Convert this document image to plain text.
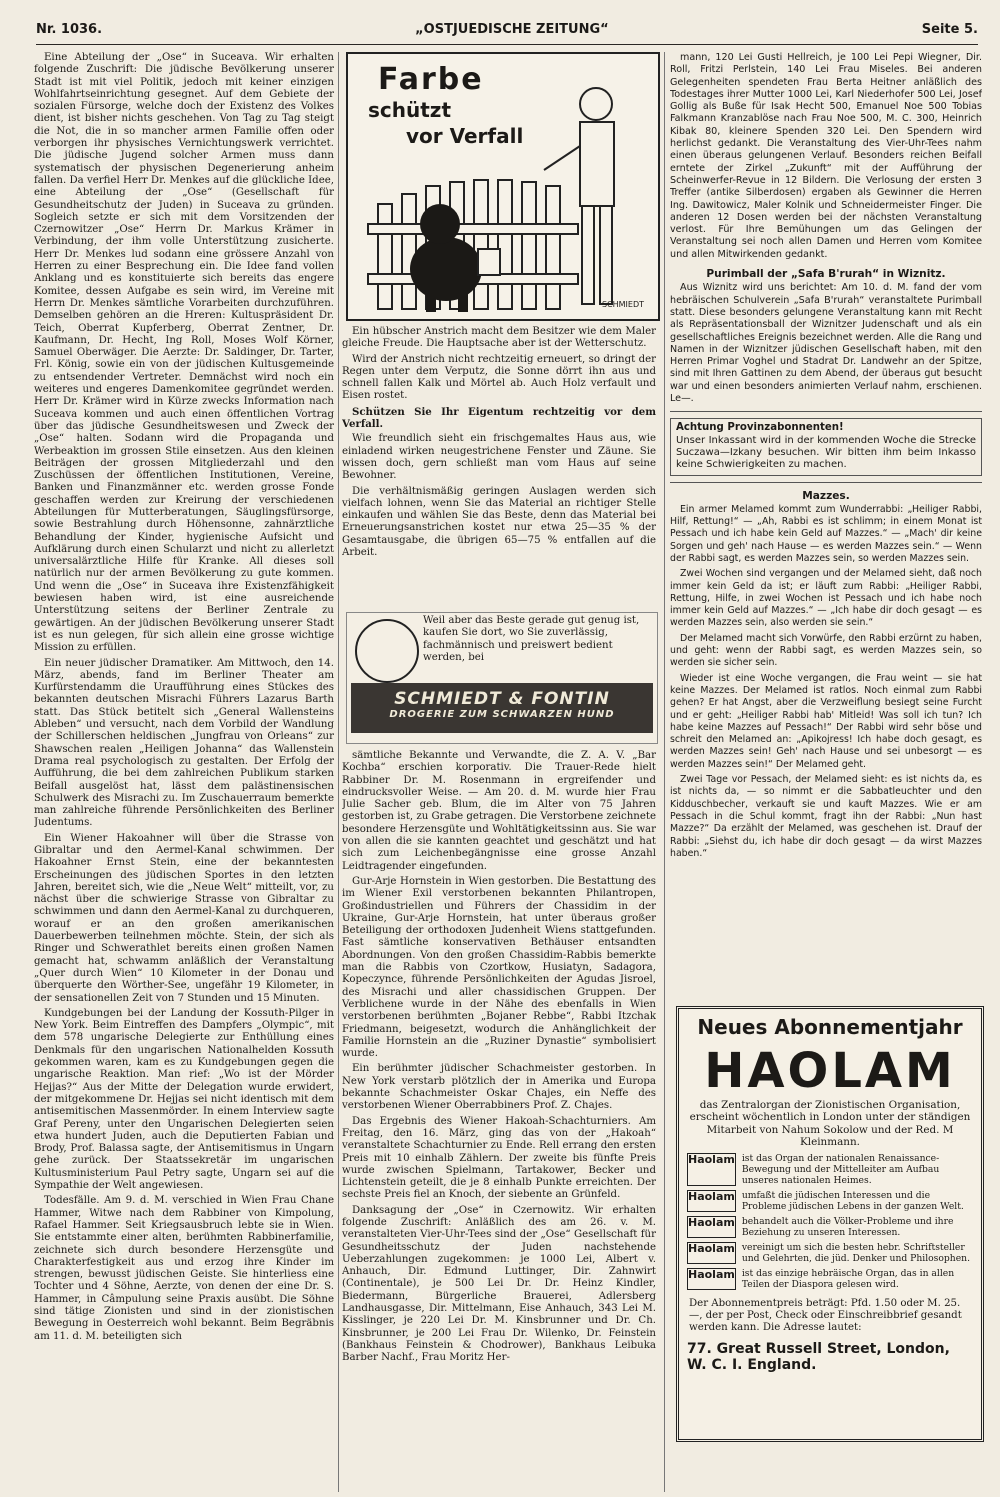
Nr. 1036.	„OSTJUEDISCHE ZEITUNG“	Seite 5.

Eine Abteilung der „Ose“ in Suceava. Wir erhalten folgende Zuschrift: Die jüdische Bevölkerung unserer Stadt ist mit viel Politik, jedoch mit keiner einzigen Wohlfahrtseinrichtung gesegnet. Auf dem Gebiete der sozialen Fürsorge, welche doch der Existenz des Volkes dient, ist bisher nichts geschehen. Von Tag zu Tag steigt die Not, die in so mancher armen Familie offen oder verborgen ihr physisches Vernichtungswerk verrichtet. Die jüdische Jugend solcher Armen muss dann systematisch der physischen Degenerierung anheim fallen. Da verfiel Herr Dr. Menkes auf die glückliche Idee, eine Abteilung der „Ose“ (Gesellschaft für Gesundheitschutz der Juden) in Suceava zu gründen. Sogleich setzte er sich mit dem Vorsitzenden der Czernowitzer „Ose“ Herrn Dr. Markus Krämer in Verbindung, der ihm volle Unterstützung zusicherte. Herr Dr. Menkes lud sodann eine grössere Anzahl von Herren zu einer Besprechung ein. Die Idee fand vollen Anklang und es konstituierte sich bereits das engere Komitee, dessen Aufgabe es sein wird, im Vereine mit Herrn Dr. Menkes sämtliche Vorarbeiten durchzuführen. Demselben gehören an die Hreren: Kultuspräsident Dr. Teich, Oberrat Kupferberg, Oberrat Zentner, Dr. Kaufmann, Dr. Hecht, Ing Roll, Moses Wolf Körner, Samuel Oberwäger. Die Aerzte: Dr. Saldinger, Dr. Tarter, Frl. König, sowie ein von der jüdischen Kultusgemeinde zu entsendender Vertreter. Demnächst wird noch ein weiteres und engeres Damenkomitee gegründet werden. Herr Dr. Krämer wird in Kürze zwecks Information nach Suceava kommen und auch einen öffentlichen Vortrag über das jüdische Gesundheitswesen und Zweck der „Ose“ halten. Sodann wird die Propaganda und Werbeaktion im grossen Stile einsetzen. Aus den kleinen Beiträgen der grossen Mitgliederzahl und den Zuschüssen der öffentlichen Institutionen, Vereine, Banken und Finanzmänner etc. werden grosse Fonde geschaffen werden zur Kreirung der verschiedenen Abteilungen für Mutterberatungen, Säuglingsfürsorge, sowie Bestrahlung durch Höhensonne, zahnärztliche Behandlung der Kinder, hygienische Aufsicht und Aufklärung durch einen Schularzt und nicht zu allerletzt universalärztliche Hilfe für Kranke. All dieses soll natürlich nur der armen Bevölkerung zu gute kommen. Und wenn die „Ose“ in Suceava ihre Existenzfähigkeit bewiesen haben wird, ist eine ausreichende Unterstützung seitens der Berliner Zentrale zu gewärtigen. An der jüdischen Bevölkerung unserer Stadt ist es nun gelegen, für sich allein eine grosse wichtige Mission zu erfüllen.

Ein neuer jüdischer Dramatiker. Am Mittwoch, den 14. März, abends, fand im Berliner Theater am Kurfürstendamm die Uraufführung eines Stückes des bekannten deutschen Misrachi Führers Lazarus Barth statt. Das Stück betitelt sich „General Wallensteins Ableben“ und versucht, nach dem Vorbild der Wandlung der Schillerschen heldischen „Jungfrau von Orleans“ zur Shawschen realen „Heiligen Johanna“ das Wallenstein Drama real psychologisch zu gestalten. Der Erfolg der Aufführung, die bei dem zahlreichen Publikum starken Beifall ausgelöst hat, lässt dem palästinensischen Schulwerk des Misrachi zu. Im Zuschauerraum bemerkte man zahlreiche führende Persönlichkeiten des Berliner Judentums.

Ein Wiener Hakoahner will über die Strasse von Gibraltar und den Aermel-Kanal schwimmen. Der Hakoahner Ernst Stein, eine der bekanntesten Erscheinungen des jüdischen Sportes in den letzten Jahren, bereitet sich, wie die „Neue Welt“ mitteilt, vor, zu nächst über die schwierige Strasse von Gibraltar zu schwimmen und dann den Aermel-Kanal zu durchqueren, worauf er an den großen amerikanischen Dauerbewerben teilnehmen möchte. Stein, der sich als Ringer und Schwerathlet bereits einen großen Namen gemacht hat, schwamm anläßlich der Veranstaltung „Quer durch Wien“ 10 Kilometer in der Donau und überquerte den Wörther-See, ungefähr 19 Kilometer, in der sensationellen Zeit von 7 Stunden und 15 Minuten.

Kundgebungen bei der Landung der Kossuth-Pilger in New York. Beim Eintreffen des Dampfers „Olympic“, mit dem 578 ungarische Delegierte zur Enthüllung eines Denkmals für den ungarischen Nationalhelden Kossuth gekommen waren, kam es zu Kundgebungen gegen die ungarische Reaktion. Man rief: „Wo ist der Mörder Hejjas?“ Aus der Mitte der Delegation wurde erwidert, der mitgekommene Dr. Hejjas sei nicht identisch mit dem antisemitischen Massenmörder. In einem Interview sagte Graf Pereny, unter den Ungarischen Delegierten seien etwa hundert Juden, auch die Deputierten Fabian und Brody, Prof. Balassa sagte, der Antisemitismus in Ungarn gehe zurück. Der Staatssekretär im ungarischen Kultusministerium Paul Petry sagte, Ungarn sei auf die Sympathie der Welt angewiesen.

Todesfälle. Am 9. d. M. verschied in Wien Frau Chane Hammer, Witwe nach dem Rabbiner von Kimpolung, Rafael Hammer. Seit Kriegsausbruch lebte sie in Wien. Sie entstammte einer alten, berühmten Rabbinerfamilie, zeichnete sich durch besondere Herzensgüte und Charakterfestigkeit aus und erzog ihre Kinder im strengen, bewusst jüdischen Geiste. Sie hinterliess eine Tochter und 4 Söhne, Aerzte, von denen der eine Dr. S. Hammer, in Câmpulung seine Praxis ausübt. Die Söhne sind tätige Zionisten und sind in der zionistischen Bewegung in Oesterreich wohl bekannt. Beim Begräbnis am 11. d. M. beteiligten sich

Farbe
schützt
vor Verfall
SCHMIEDT

Ein hübscher Anstrich macht dem Besitzer wie dem Maler gleiche Freude. Die Hauptsache aber ist der Wetterschutz.

Wird der Anstrich nicht rechtzeitig erneuert, so dringt der Regen unter dem Verputz, die Sonne dörrt ihn aus und schnell fallen Kalk und Mörtel ab. Auch Holz verfault und Eisen rostet.

Schützen Sie Ihr Eigentum rechtzeitig vor dem Verfall.

Wie freundlich sieht ein frischgemaltes Haus aus, wie einladend wirken neugestrichene Fenster und Zäune. Sie wissen doch, gern schließt man vom Haus auf seine Bewohner.

Die verhältnismäßig geringen Auslagen werden sich vielfach lohnen, wenn Sie das Material an richtiger Stelle einkaufen und wählen Sie das Beste, denn das Material bei Erneuerungsanstrichen kostet nur etwa 25—35 % der Gesamtausgabe, die übrigen 65—75 % entfallen auf die Arbeit.

Weil aber das Beste gerade gut genug ist, kaufen Sie dort, wo Sie zuverlässig, fachmännisch und preiswert bedient werden, bei
SCHMIEDT & FONTIN
DROGERIE ZUM SCHWARZEN HUND

sämtliche Bekannte und Verwandte, die Z. A. V. „Bar Kochba“ erschien korporativ. Die Trauer-Rede hielt Rabbiner Dr. M. Rosenmann in ergreifender und eindrucksvoller Weise. — Am 20. d. M. wurde hier Frau Julie Sacher geb. Blum, die im Alter von 75 Jahren gestorben ist, zu Grabe getragen. Die Verstorbene zeichnete besondere Herzensgüte und Wohltätigkeitssinn aus. Sie war von allen die sie kannten geachtet und geschätzt und hat sich zum Leichenbegängnisse eine grosse Anzahl Leidtragender eingefunden.

Gur-Arje Hornstein in Wien gestorben. Die Bestattung des im Wiener Exil verstorbenen bekannten Philantropen, Großindustriellen und Führers der Chassidim in der Ukraine, Gur-Arje Hornstein, hat unter überaus großer Beteiligung der orthodoxen Judenheit Wiens stattgefunden. Fast sämtliche konservativen Bethäuser entsandten Abordnungen. Von den großen Chassidim-Rabbis bemerkte man die Rabbis von Czortkow, Husiatyn, Sadagora, Kopeczynce, führende Persönlichkeiten der Agudas Jisroel, des Misrachi und aller chassidischen Gruppen. Der Verblichene wurde in der Nähe des ebenfalls in Wien verstorbenen berühmten „Bojaner Rebbe“, Rabbi Itzchak Friedmann, beigesetzt, wodurch die Anhänglichkeit der Familie Hornstein an die „Ruziner Dynastie“ symbolisiert wurde.

Ein berühmter jüdischer Schachmeister gestorben. In New York verstarb plötzlich der in Amerika und Europa bekannte Schachmeister Oskar Chajes, ein Neffe des verstorbenen Wiener Oberrabbiners Prof. Z. Chajes.

Das Ergebnis des Wiener Hakoah-Schachturniers. Am Freitag, den 16. März, ging das von der „Hakoah“ veranstaltete Schachturnier zu Ende. Rell errang den ersten Preis mit 10 einhalb Zählern. Der zweite bis fünfte Preis wurde zwischen Spielmann, Tartakower, Becker und Lichtenstein geteilt, die je 8 einhalb Punkte erreichten. Der sechste Preis fiel an Knoch, der siebente an Grünfeld.

Danksagung der „Ose“ in Czernowitz. Wir erhalten folgende Zuschrift: Anläßlich des am 26. v. M. veranstalteten Vier-Uhr-Tees sind der „Ose“ Gesellschaft für Gesundheitsschutz der Juden nachstehende Ueberzahlungen zugekommen: je 1000 Lei, Albert v. Anhauch, Dir. Edmund Luttinger, Dir. Zahnwirt (Continentale), je 500 Lei Dr. Dr. Heinz Kindler, Biedermann, Bürgerliche Brauerei, Adlersberg Landhausgasse, Dir. Mittelmann, Eise Anhauch, 343 Lei M. Kisslinger, je 220 Lei Dr. M. Kinsbrunner und Dr. Ch. Kinsbrunner, je 200 Lei Frau Dr. Wilenko, Dr. Feinstein (Bankhaus Feinstein & Chodrower), Bankhaus Leibuka Barber Nachf., Frau Moritz Her-

mann, 120 Lei Gusti Hellreich, je 100 Lei Pepi Wiegner, Dir. Roll, Fritzi Perlstein, 140 Lei Frau Miseles. Bei anderen Gelegenheiten spendeten Frau Berta Heitner anläßlich des Todestages ihrer Mutter 1000 Lei, Karl Niederhofer 500 Lei, Josef Gollig als Buße für Isak Hecht 500, Emanuel Noe 500 Tobias Falkmann Kranzablöse nach Frau Noe 500, M. C. 300, Heinrich Kibak 80, kleinere Spenden 320 Lei. Den Spendern wird herlichst gedankt. Die Veranstaltung des Vier-Uhr-Tees nahm einen überaus gelungenen Verlauf. Besonders reichen Beifall erntete der Zirkel „Zukunft“ mit der Aufführung der Scheinwerfer-Revue in 12 Bildern. Die Verlosung der ersten 3 Treffer (antike Silberdosen) ergaben als Gewinner die Herren Ing. Dawitowicz, Maler Kolnik und Schneidermeister Finger. Die anderen 12 Dosen werden bei der nächsten Veranstaltung verlost. Für Ihre Bemühungen um das Gelingen der Veranstaltung sei noch allen Damen und Herren vom Komitee und allen Mitwirkenden gedankt.

Purimball der „Safa B'rurah“ in Wiznitz.

Aus Wiznitz wird uns berichtet: Am 10. d. M. fand der vom hebräischen Schulverein „Safa B'rurah“ veranstaltete Purimball statt. Diese besonders gelungene Veranstaltung kann mit Recht als Repräsentationsball der Wiznitzer Judenschaft und als ein gesellschaftliches Ereignis bezeichnet werden. Alle die Rang und Namen in der Wiznitzer jüdischen Gesellschaft haben, mit den Herren Primar Voghel und Stadrat Dr. Landwehr an der Spitze, sind mit Ihren Gattinen zu dem Abend, der überaus gut besucht war und einen besonders animierten Verlauf nahm, erschienen. Le—.

Achtung Provinzabonnenten!
Unser Inkassant wird in der kommenden Woche die Strecke Suczawa—Izkany besuchen. Wir bitten ihm beim Inkasso keine Schwierigkeiten zu machen.
Mazzes.

Ein armer Melamed kommt zum Wunderrabbi: „Heiliger Rabbi, Hilf, Rettung!“ — „Ah, Rabbi es ist schlimm; in einem Monat ist Pessach und ich habe kein Geld auf Mazzes.“ — „Mach' dir keine Sorgen und geh' nach Hause — es werden Mazzes sein.“ — Wenn der Rabbi sagt, es werden Mazzes sein, so werden Mazzes sein.

Zwei Wochen sind vergangen und der Melamed sieht, daß noch immer kein Geld da ist; er läuft zum Rabbi: „Heiliger Rabbi, Rettung, Hilfe, in zwei Wochen ist Pessach und ich habe noch immer kein Geld auf Mazzes.“ — „Ich habe dir doch gesagt — es werden Mazzes sein, also werden sie sein.“

Der Melamed macht sich Vorwürfe, den Rabbi erzürnt zu haben, und geht: wenn der Rabbi sagt, es werden Mazzes sein, so werden sie sicher sein.

Wieder ist eine Woche vergangen, die Frau weint — sie hat keine Mazzes. Der Melamed ist ratlos. Noch einmal zum Rabbi gehen? Er hat Angst, aber die Verzweiflung besiegt seine Furcht und er geht: „Heiliger Rabbi hab' Mitleid! Was soll ich tun? Ich habe keine Mazzes auf Pessach!“ Der Rabbi wird sehr böse und schreit den Melamed an: „Apikojress! Ich habe doch gesagt, es werden Mazzes sein! Geh' nach Hause und sei unbesorgt — es werden Mazzes sein!“ Der Melamed geht.

Zwei Tage vor Pessach, der Melamed sieht: es ist nichts da, es ist nichts da, — so nimmt er die Sabbatleuchter und den Kidduschbecher, verkauft sie und kauft Mazzes. Wie er am Pessach in die Schul kommt, fragt ihn der Rabbi: „Nun hast Mazze?“ Da erzählt der Melamed, was geschehen ist. Drauf der Rabbi: „Siehst du, ich habe dir doch gesagt — da wirst Mazzes haben.“

Neues Abonnementjahr
HAOLAM
das Zentralorgan der Zionistischen Organisation, erscheint wöchentlich in London unter der ständigen Mitarbeit von Nahum Sokolow und der Red. M Kleinmann.
Haolam ist das Organ der nationalen Renaissance-Bewegung und der Mittelleiter am Aufbau unseres nationalen Heimes.
Haolam umfaßt die jüdischen Interessen und die Probleme jüdischen Lebens in der ganzen Welt.
Haolam behandelt auch die Völker-Probleme und ihre Beziehung zu unseren Interessen.
Haolam vereinigt um sich die besten hebr. Schriftsteller und Gelehrten, die jüd. Denker und Philosophen.
Haolam ist das einzige hebräische Organ, das in allen Teilen der Diaspora gelesen wird.
Der Abonnementpreis beträgt: Pfd. 1.50 oder M. 25.—, der per Post, Check oder Einschreibbrief gesandt werden kann. Die Adresse lautet:
77. Great Russell Street, London, W. C. I. England.
